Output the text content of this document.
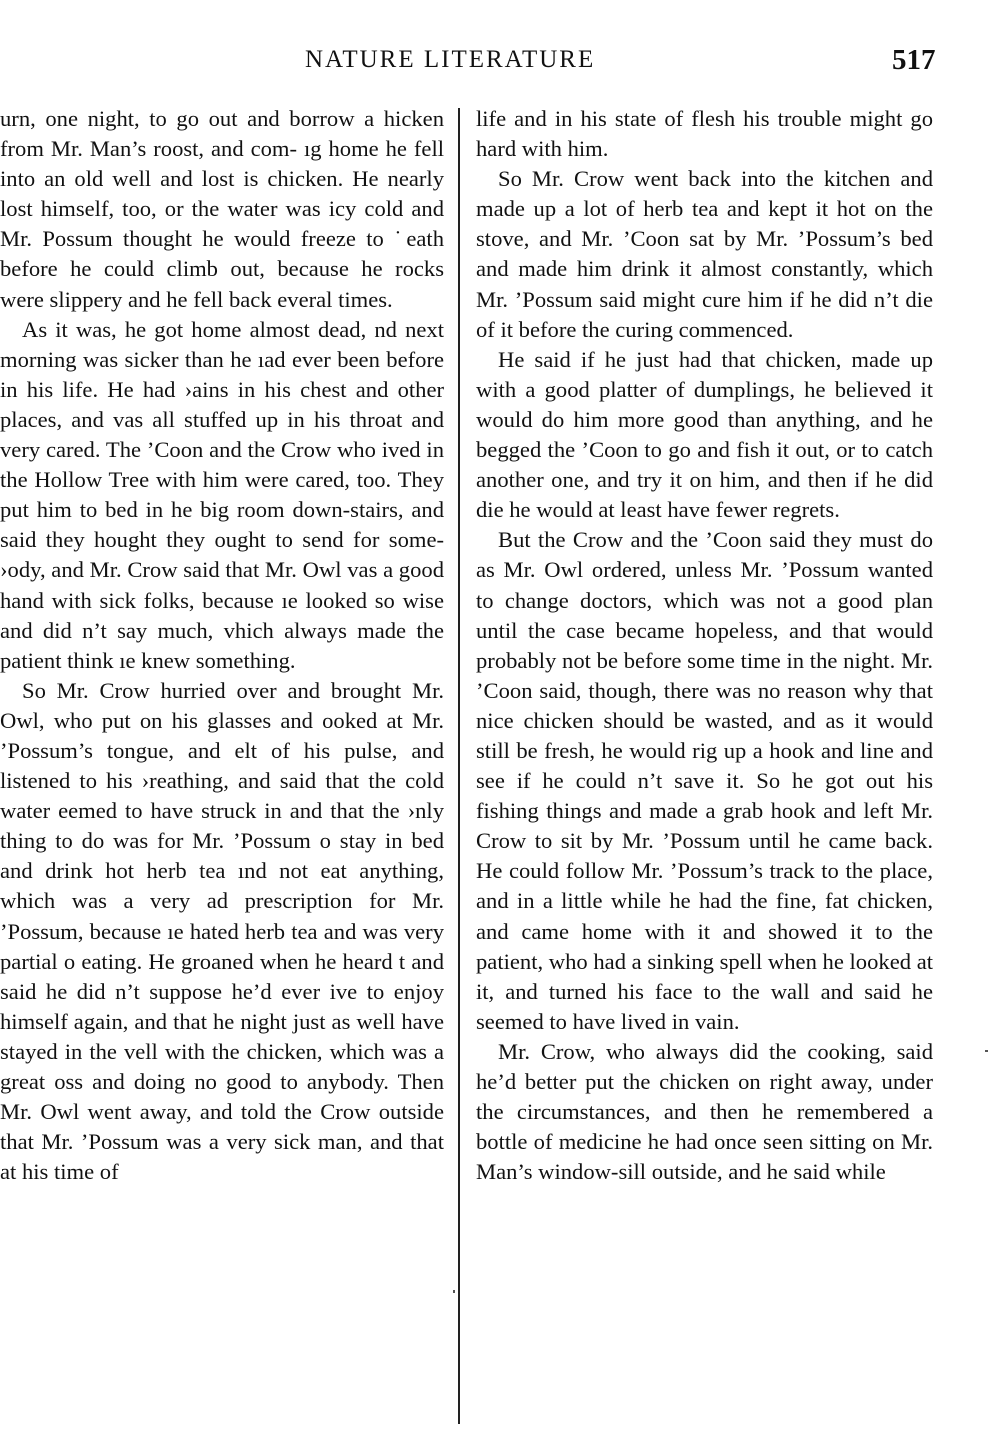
NATURE LITERATURE	517

urn, one night, to go out and borrow a hicken from Mr. Man’s roost, and com- ıg home he fell into an old well and lost is chicken. He nearly lost himself, too, or the water was icy cold and Mr. Possum thought he would freeze to ˙eath before he could climb out, because he rocks were slippery and he fell back everal times.

As it was, he got home almost dead, nd next morning was sicker than he ıad ever been before in his life. He had ›ains in his chest and other places, and vas all stuffed up in his throat and very cared. The ’Coon and the Crow who ived in the Hollow Tree with him were cared, too. They put him to bed in he big room down-stairs, and said they hought they ought to send for some- ›ody, and Mr. Crow said that Mr. Owl vas a good hand with sick folks, because ıe looked so wise and did n’t say much, vhich always made the patient think ıe knew something.

So Mr. Crow hurried over and brought Mr. Owl, who put on his glasses and ooked at Mr. ’Possum’s tongue, and elt of his pulse, and listened to his ›reathing, and said that the cold water eemed to have struck in and that the ›nly thing to do was for Mr. ’Possum o stay in bed and drink hot herb tea ınd not eat anything, which was a very ad prescription for Mr. ’Possum, because ıe hated herb tea and was very partial o eating. He groaned when he heard t and said he did n’t suppose he’d ever ive to enjoy himself again, and that he night just as well have stayed in the vell with the chicken, which was a great oss and doing no good to anybody. Then Mr. Owl went away, and told the Crow outside that Mr. ’Possum was a very sick man, and that at his time of

life and in his state of flesh his trouble might go hard with him.

So Mr. Crow went back into the kitchen and made up a lot of herb tea and kept it hot on the stove, and Mr. ’Coon sat by Mr. ’Possum’s bed and made him drink it almost constantly, which Mr. ’Possum said might cure him if he did n’t die of it before the curing commenced.

He said if he just had that chicken, made up with a good platter of dumplings, he believed it would do him more good than anything, and he begged the ’Coon to go and fish it out, or to catch another one, and try it on him, and then if he did die he would at least have fewer regrets.

But the Crow and the ’Coon said they must do as Mr. Owl ordered, unless Mr. ’Possum wanted to change doctors, which was not a good plan until the case became hopeless, and that would probably not be before some time in the night. Mr. ’Coon said, though, there was no reason why that nice chicken should be wasted, and as it would still be fresh, he would rig up a hook and line and see if he could n’t save it. So he got out his fishing things and made a grab hook and left Mr. Crow to sit by Mr. ’Possum until he came back. He could follow Mr. ’Possum’s track to the place, and in a little while he had the fine, fat chicken, and came home with it and showed it to the patient, who had a sinking spell when he looked at it, and turned his face to the wall and said he seemed to have lived in vain.

Mr. Crow, who always did the cooking, said he’d better put the chicken on right away, under the circumstances, and then he remembered a bottle of medicine he had once seen sitting on Mr. Man’s window-sill outside, and he said while
